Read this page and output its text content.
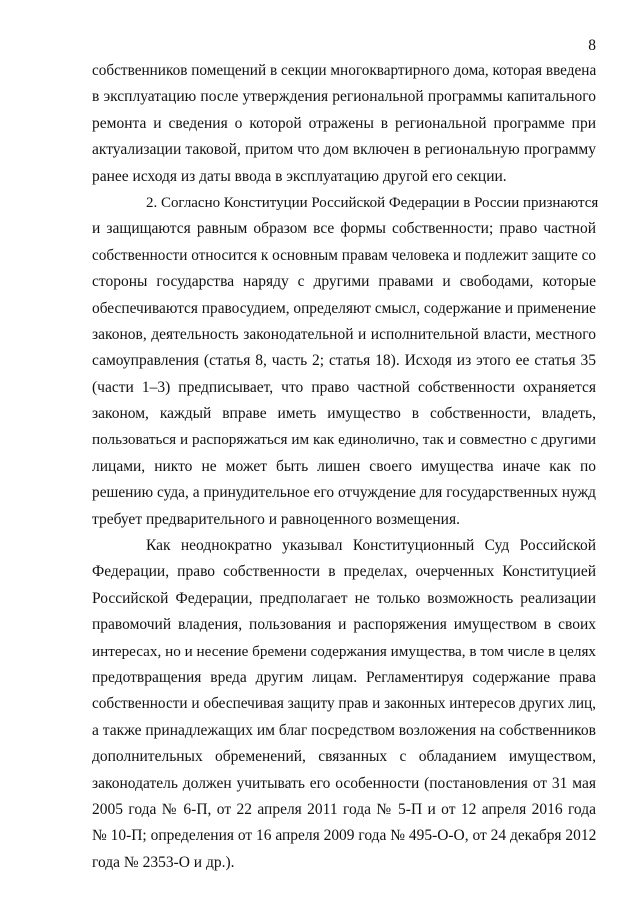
8
собственников помещений в секции многоквартирного дома, которая введена
в эксплуатацию после утверждения региональной программы капитального
ремонта и сведения о которой отражены в региональной программе при
актуализации таковой, притом что дом включен в региональную программу
ранее исходя из даты ввода в эксплуатацию другой его секции.
2. Согласно Конституции Российской Федерации в России признаются
и защищаются равным образом все формы собственности; право частной
собственности относится к основным правам человека и подлежит защите со
стороны государства наряду с другими правами и свободами, которые
обеспечиваются правосудием, определяют смысл, содержание и применение
законов, деятельность законодательной и исполнительной власти, местного
самоуправления (статья 8, часть 2; статья 18). Исходя из этого ее статья 35
(части 1–3) предписывает, что право частной собственности охраняется
законом, каждый вправе иметь имущество в собственности, владеть,
пользоваться и распоряжаться им как единолично, так и совместно с другими
лицами, никто не может быть лишен своего имущества иначе как по
решению суда, а принудительное его отчуждение для государственных нужд
требует предварительного и равноценного возмещения.
Как неоднократно указывал Конституционный Суд Российской
Федерации, право собственности в пределах, очерченных Конституцией
Российской Федерации, предполагает не только возможность реализации
правомочий владения, пользования и распоряжения имуществом в своих
интересах, но и несение бремени содержания имущества, в том числе в целях
предотвращения вреда другим лицам. Регламентируя содержание права
собственности и обеспечивая защиту прав и законных интересов других лиц,
а также принадлежащих им благ посредством возложения на собственников
дополнительных обременений, связанных с обладанием имуществом,
законодатель должен учитывать его особенности (постановления от 31 мая
2005 года № 6-П, от 22 апреля 2011 года № 5-П и от 12 апреля 2016 года
№ 10-П; определения от 16 апреля 2009 года № 495-О-О, от 24 декабря 2012
года № 2353-О и др.).
